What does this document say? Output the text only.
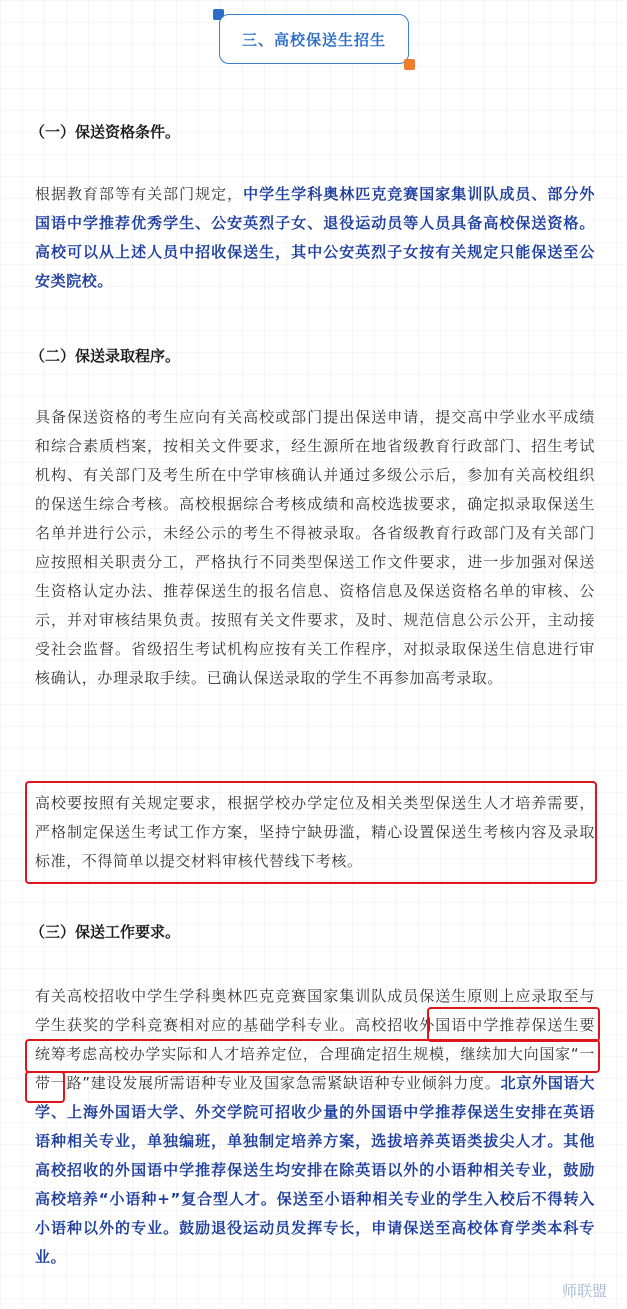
三、高校保送生招生
（一）保送资格条件。

根据教育部等有关部门规定，中学生学科奥林匹克竞赛国家集训队成员、部分外国语中学推荐优秀学生、公安英烈子女、退役运动员等人员具备高校保送资格。高校可以从上述人员中招收保送生，其中公安英烈子女按有关规定只能保送至公安类院校。

（二）保送录取程序。

具备保送资格的考生应向有关高校或部门提出保送申请，提交高中学业水平成绩和综合素质档案，按相关文件要求，经生源所在地省级教育行政部门、招生考试机构、有关部门及考生所在中学审核确认并通过多级公示后，参加有关高校组织的保送生综合考核。高校根据综合考核成绩和高校选拔要求，确定拟录取保送生名单并进行公示，未经公示的考生不得被录取。各省级教育行政部门及有关部门应按照相关职责分工，严格执行不同类型保送工作文件要求，进一步加强对保送生资格认定办法、推荐保送生的报名信息、资格信息及保送资格名单的审核、公示，并对审核结果负责。按照有关文件要求，及时、规范信息公示公开，主动接受社会监督。省级招生考试机构应按有关工作程序，对拟录取保送生信息进行审核确认，办理录取手续。已确认保送录取的学生不再参加高考录取。

高校要按照有关规定要求，根据学校办学定位及相关类型保送生人才培养需要，严格制定保送生考试工作方案，坚持宁缺毋滥，精心设置保送生考核内容及录取标准，不得简单以提交材料审核代替线下考核。

（三）保送工作要求。

有关高校招收中学生学科奥林匹克竞赛国家集训队成员保送生原则上应录取至与学生获奖的学科竞赛相对应的基础学科专业。高校招收外国语中学推荐保送生要统筹考虑高校办学实际和人才培养定位，合理确定招生规模，继续加大向国家“一带一路”建设发展所需语种专业及国家急需紧缺语种专业倾斜力度。北京外国语大学、上海外国语大学、外交学院可招收少量的外国语中学推荐保送生安排在英语语种相关专业，单独编班，单独制定培养方案，选拔培养英语类拔尖人才。其他高校招收的外国语中学推荐保送生均安排在除英语以外的小语种相关专业，鼓励高校培养“小语种+”复合型人才。保送至小语种相关专业的学生入校后不得转入小语种以外的专业。鼓励退役运动员发挥专长，申请保送至高校体育学类本科专业。

师联盟
